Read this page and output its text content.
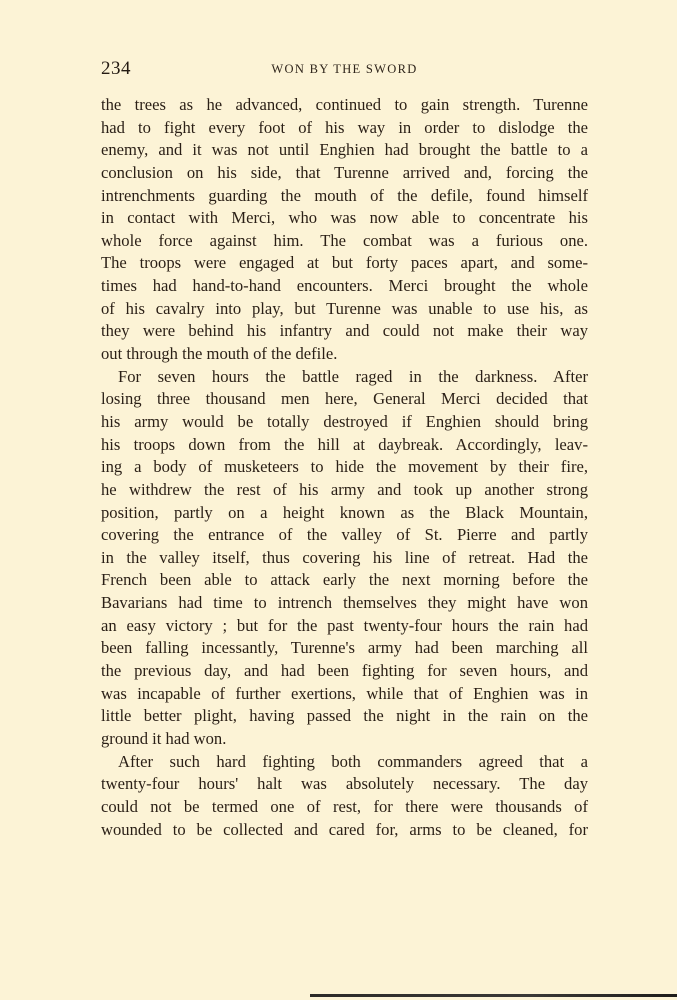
234	WON BY THE SWORD
the trees as he advanced, continued to gain strength. Turenne
had to fight every foot of his way in order to dislodge the
enemy, and it was not until Enghien had brought the battle to a
conclusion on his side, that Turenne arrived and, forcing the
intrenchments guarding the mouth of the defile, found himself
in contact with Merci, who was now able to concentrate his
whole force against him. The combat was a furious one.
The troops were engaged at but forty paces apart, and some-
times had hand-to-hand encounters. Merci brought the whole
of his cavalry into play, but Turenne was unable to use his, as
they were behind his infantry and could not make their way
out through the mouth of the defile.
For seven hours the battle raged in the darkness. After
losing three thousand men here, General Merci decided that
his army would be totally destroyed if Enghien should bring
his troops down from the hill at daybreak. Accordingly, leav-
ing a body of musketeers to hide the movement by their fire,
he withdrew the rest of his army and took up another strong
position, partly on a height known as the Black Mountain,
covering the entrance of the valley of St. Pierre and partly
in the valley itself, thus covering his line of retreat. Had the
French been able to attack early the next morning before the
Bavarians had time to intrench themselves they might have won
an easy victory ; but for the past twenty-four hours the rain had
been falling incessantly, Turenne's army had been marching all
the previous day, and had been fighting for seven hours, and
was incapable of further exertions, while that of Enghien was in
little better plight, having passed the night in the rain on the
ground it had won.
After such hard fighting both commanders agreed that a
twenty-four hours' halt was absolutely necessary. The day
could not be termed one of rest, for there were thousands of
wounded to be collected and cared for, arms to be cleaned, for
